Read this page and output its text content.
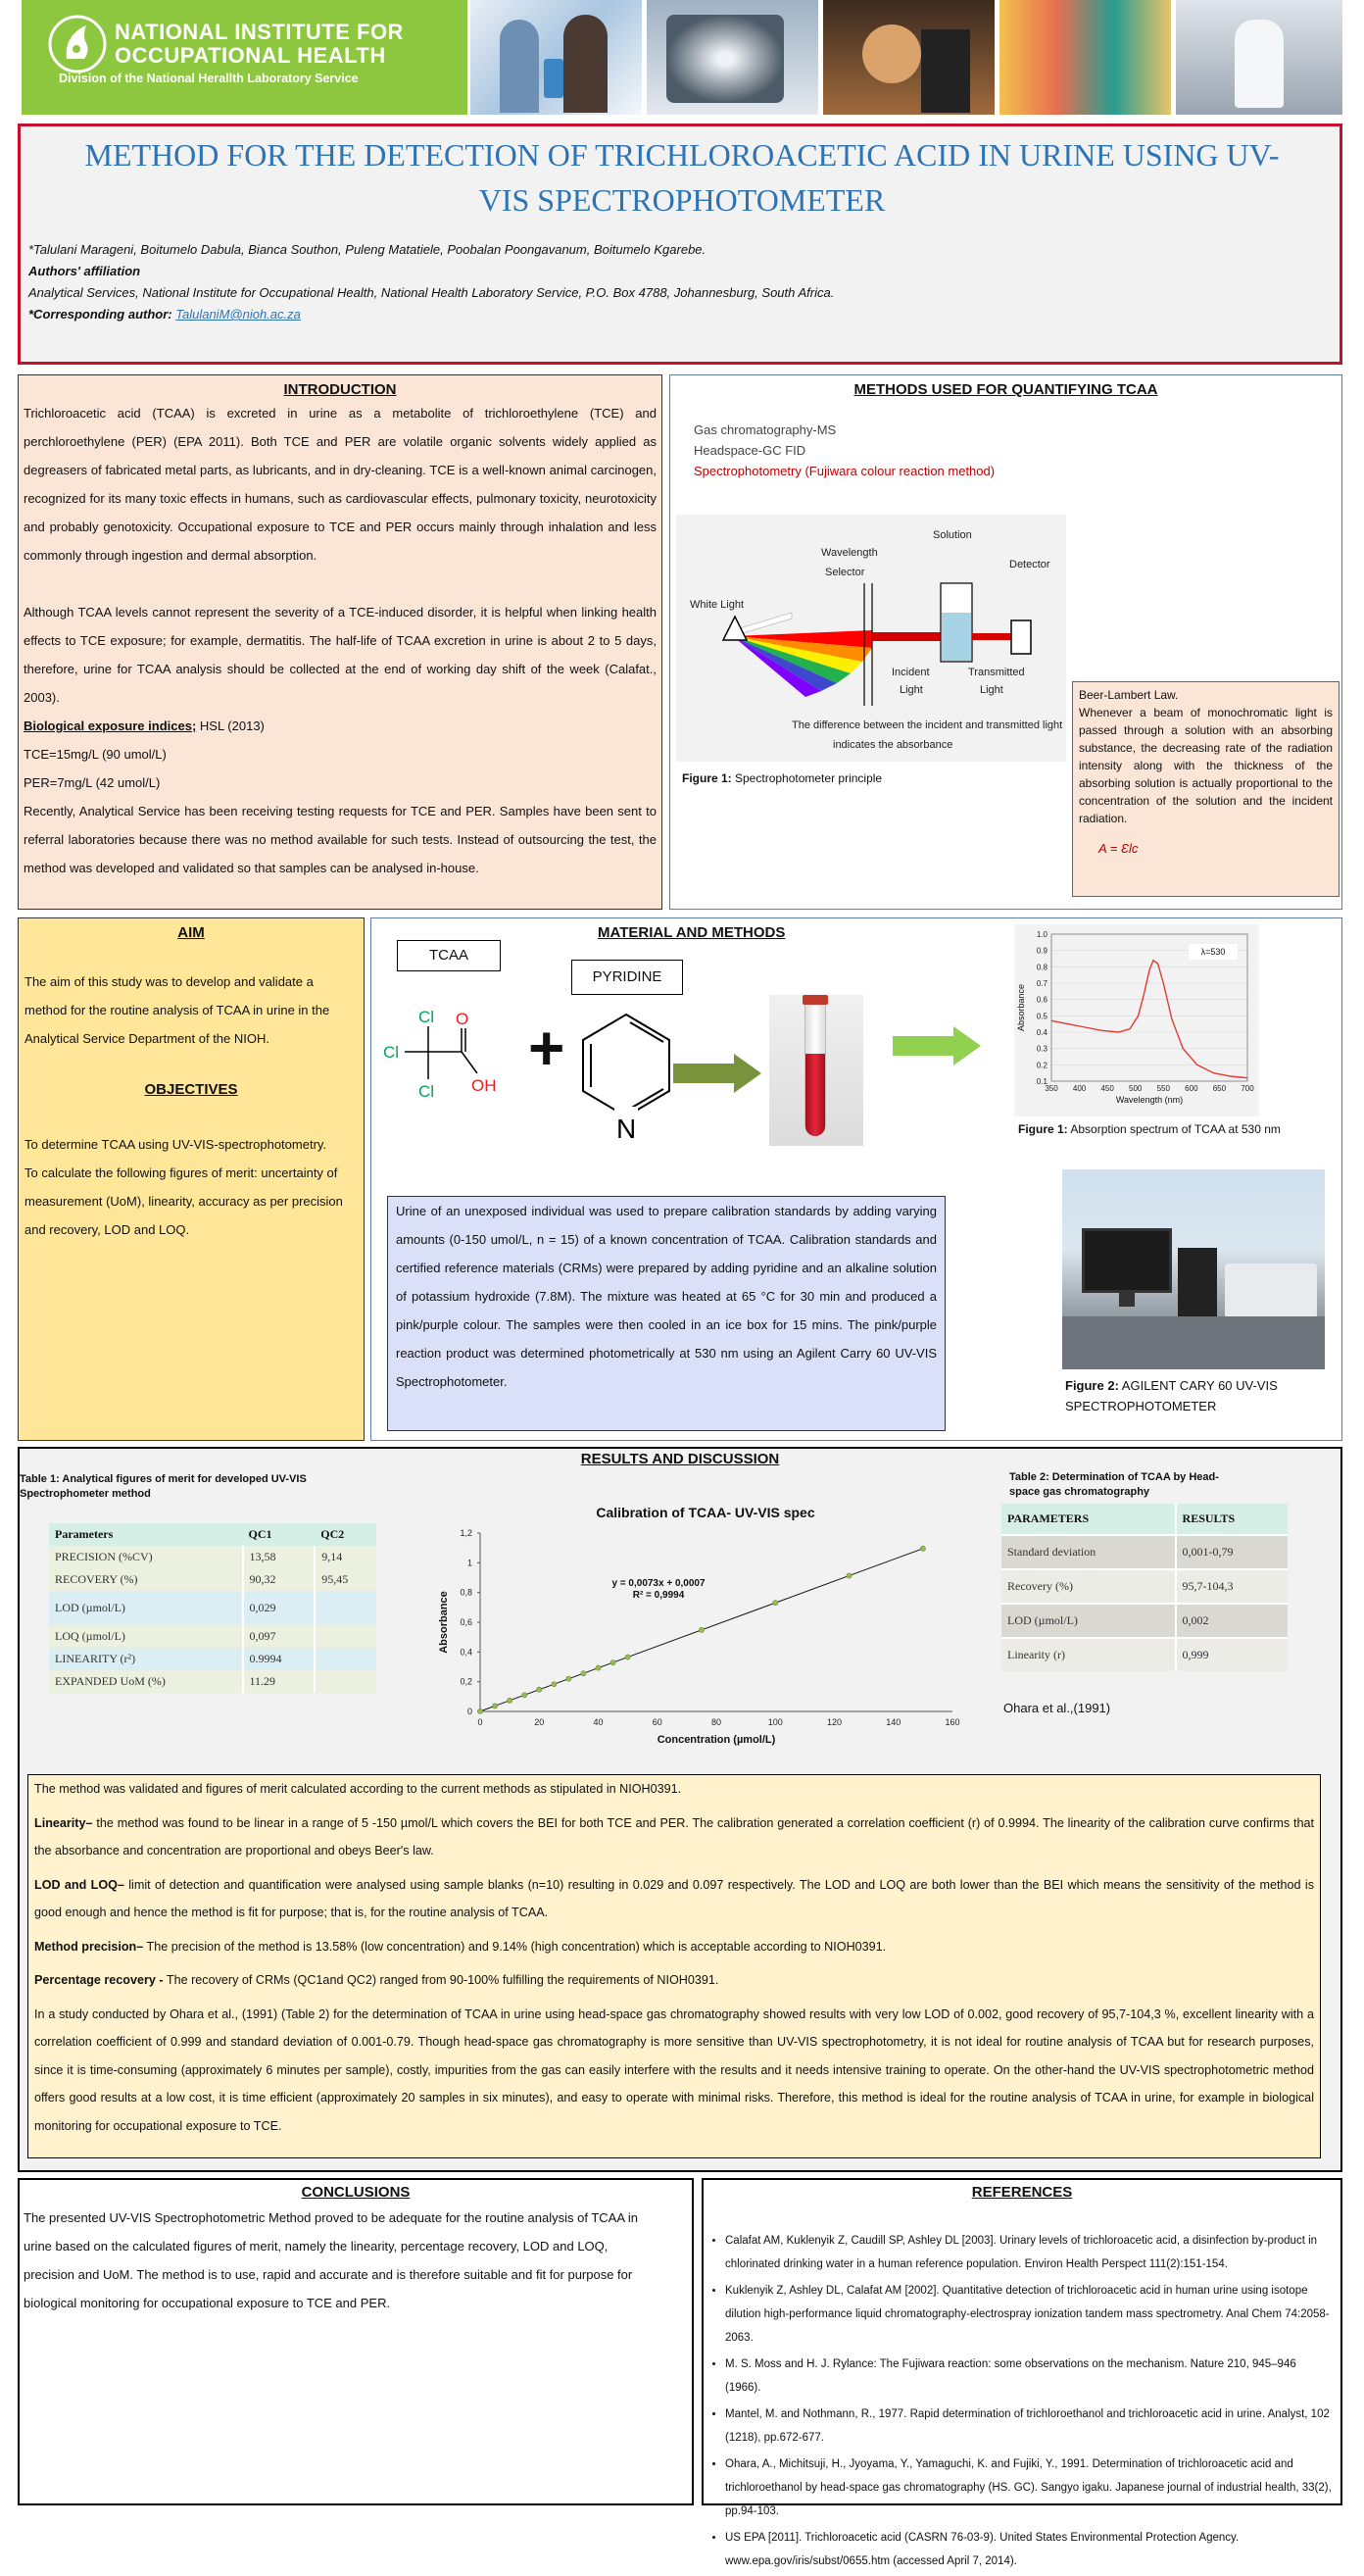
NATIONAL INSTITUTE FOR
OCCUPATIONAL HEALTH
Division of the National Herallth Laboratory Service
METHOD FOR THE DETECTION OF TRICHLOROACETIC ACID IN URINE USING UV-VIS SPECTROPHOTOMETER
*Talulani Marageni, Boitumelo Dabula, Bianca Southon, Puleng Matatiele, Poobalan Poongavanum, Boitumelo Kgarebe.
Authors' affiliation
Analytical Services, National Institute for Occupational Health, National Health Laboratory Service, P.O. Box 4788, Johannesburg, South Africa.
*Corresponding author: TalulaniM@nioh.ac.za
INTRODUCTION

Trichloroacetic acid (TCAA) is excreted in urine as a metabolite of trichloroethylene (TCE) and perchloroethylene (PER) (EPA 2011). Both TCE and PER are volatile organic solvents widely applied as degreasers of fabricated metal parts, as lubricants, and in dry-cleaning. TCE is a well-known animal carcinogen, recognized for its many toxic effects in humans, such as cardiovascular effects, pulmonary toxicity, neurotoxicity and probably genotoxicity. Occupational exposure to TCE and PER occurs mainly through inhalation and less commonly through ingestion and dermal absorption.

Although TCAA levels cannot represent the severity of a TCE-induced disorder, it is helpful when linking health effects to TCE exposure; for example, dermatitis. The half-life of TCAA excretion in urine is about 2 to 5 days, therefore, urine for TCAA analysis should be collected at the end of working day shift of the week (Calafat., 2003).

Biological exposure indices; HSL (2013)

TCE=15mg/L (90 umol/L)

PER=7mg/L (42 umol/L)

Recently, Analytical Service has been receiving testing requests for TCE and PER. Samples have been sent to referral laboratories because there was no method available for such tests. Instead of outsourcing the test, the method was developed and validated so that samples can be analysed in-house.

METHODS USED FOR QUANTIFYING TCAA
Gas chromatography-MS
Headspace-GC FID
Spectrophotometry (Fujiwara colour reaction method)
White Light
Wavelength
Selector
Solution
Detector
Incident
Light
Transmitted
Light
The difference between the incident and transmitted light
indicates the absorbance
Figure 1: Spectrophotometer principle
Beer-Lambert Law.
Whenever a beam of monochromatic light is passed through a solution with an absorbing substance, the decreasing rate of the radiation intensity along with the thickness of the absorbing solution is actually proportional to the concentration of the solution and the incident radiation.
A = Ɛlc
AIM
The aim of this study was to develop and validate a method for the routine analysis of TCAA in urine in the Analytical Service Department of the NIOH.
OBJECTIVES

To determine TCAA using UV-VIS-spectrophotometry.

To calculate the following figures of merit: uncertainty of measurement (UoM), linearity, accuracy as per precision and recovery, LOD and LOQ.

MATERIAL AND METHODS
TCAA
PYRIDINE
Cl
Cl
Cl
O
OH
+
N
0.1
0.2
0.3
0.4
0.5
0.6
0.7
0.8
0.9
1.0
350 400 450 500 550 600 650 700
λ=530
Wavelength (nm)
Absorbance
Figure 1: Absorption spectrum of TCAA at 530 nm
Urine of an unexposed individual was used to prepare calibration standards by adding varying amounts (0-150 umol/L, n = 15) of a known concentration of TCAA. Calibration standards and certified reference materials (CRMs) were prepared by adding pyridine and an alkaline solution of potassium hydroxide (7.8M). The mixture was heated at 65 °C for 30 min and produced a pink/purple colour. The samples were then cooled in an ice box for 15 mins. The pink/purple reaction product was determined photometrically at 530 nm using an Agilent Carry 60 UV-VIS Spectrophotometer.	Figure 2: AGILENT CARY 60 UV-VIS SPECTROPHOTOMETER
RESULTS AND DISCUSSION
Table 1: Analytical figures of merit for developed UV-VIS Spectrophometer method
Parameters	QC1	QC2
PRECISION (%CV)	13,58	9,14
RECOVERY (%)	90,32	95,45
LOD (µmol/L)	0,029	
LOQ (µmol/L)	0,097	
LINEARITY (r²)	0.9994	
EXPANDED UoM (%)	11.29	
Calibration of TCAA- UV-VIS spec
0
0,2
0,4
0,6
0,8
1
1,2
0	20	40	60	80	100	120	140	160
y = 0,0073x + 0,0007
R² = 0,9994
Concentration (µmol/L)
Absorbance
Table 2: Determination of TCAA by Head-space gas chromatography
PARAMETERS	RESULTS
Standard deviation	0,001-0,79
Recovery (%)	95,7-104,3
LOD (µmol/L)	0,002
Linearity (r)	0,999
Ohara et al.,(1991)

The method was validated and figures of merit calculated according to the current methods as stipulated in NIOH0391.

Linearity– the method was found to be linear in a range of 5 -150 µmol/L which covers the BEI for both TCE and PER. The calibration generated a correlation coefficient (r) of 0.9994. The linearity of the calibration curve confirms that the absorbance and concentration are proportional and obeys Beer's law.

LOD and LOQ– limit of detection and quantification were analysed using sample blanks (n=10) resulting in 0.029 and 0.097 respectively. The LOD and LOQ are both lower than the BEI which means the sensitivity of the method is good enough and hence the method is fit for purpose; that is, for the routine analysis of TCAA.

Method precision– The precision of the method is 13.58% (low concentration) and 9.14% (high concentration) which is acceptable according to NIOH0391.

Percentage recovery - The recovery of CRMs (QC1and QC2) ranged from 90-100% fulfilling the requirements of NIOH0391.

In a study conducted by Ohara et al., (1991) (Table 2) for the determination of TCAA in urine using head-space gas chromatography showed results with very low LOD of 0.002, good recovery of 95,7-104,3 %, excellent linearity with a correlation coefficient of 0.999 and standard deviation of 0.001-0.79. Though head-space gas chromatography is more sensitive than UV-VIS spectrophotometry, it is not ideal for routine analysis of TCAA but for research purposes, since it is time-consuming (approximately 6 minutes per sample), costly, impurities from the gas can easily interfere with the results and it needs intensive training to operate. On the other-hand the UV-VIS spectrophotometric method offers good results at a low cost, it is time efficient (approximately 20 samples in six minutes), and easy to operate with minimal risks. Therefore, this method is ideal for the routine analysis of TCAA in urine, for example in biological monitoring for occupational exposure to TCE.

CONCLUSIONS
The presented UV-VIS Spectrophotometric Method proved to be adequate for the routine analysis of TCAA in urine based on the calculated figures of merit, namely the linearity, percentage recovery, LOD and LOQ, precision and UoM. The method is to use, rapid and accurate and is therefore suitable and fit for purpose for biological monitoring for occupational exposure to TCE and PER.
REFERENCES
• Calafat AM, Kuklenyik Z, Caudill SP, Ashley DL [2003]. Urinary levels of trichloroacetic acid, a disinfection by-product in chlorinated drinking water in a human reference population. Environ Health Perspect 111(2):151-154.
• Kuklenyik Z, Ashley DL, Calafat AM [2002]. Quantitative detection of trichloroacetic acid in human urine using isotope dilution high-performance liquid chromatography-electrospray ionization tandem mass spectrometry. Anal Chem 74:2058-2063.
• M. S. Moss and H. J. Rylance: The Fujiwara reaction: some observations on the mechanism. Nature 210, 945–946 (1966).
• Mantel, M. and Nothmann, R., 1977. Rapid determination of trichloroethanol and trichloroacetic acid in urine. Analyst, 102 (1218), pp.672-677.
• Ohara, A., Michitsuji, H., Jyoyama, Y., Yamaguchi, K. and Fujiki, Y., 1991. Determination of trichloroacetic acid and trichloroethanol by head-space gas chromatography (HS. GC). Sangyo igaku. Japanese journal of industrial health, 33(2), pp.94-103.
• US EPA [2011]. Trichloroacetic acid (CASRN 76-03-9). United States Environmental Protection Agency. www.epa.gov/iris/subst/0655.htm (accessed April 7, 2014).
